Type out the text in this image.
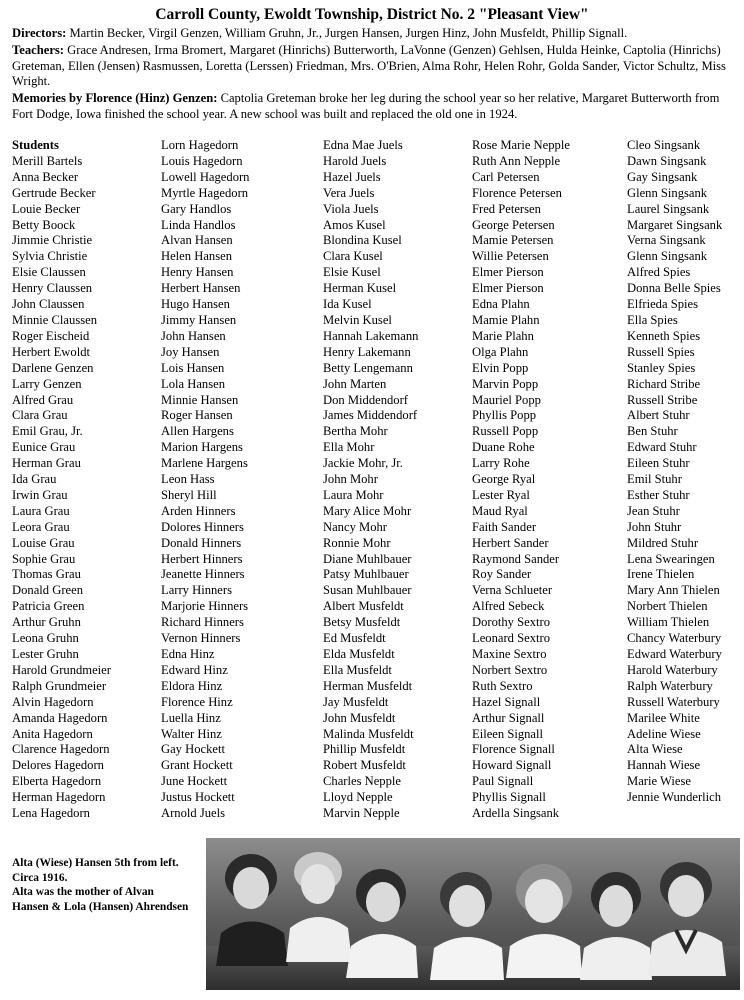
Carroll County, Ewoldt Township, District No. 2 "Pleasant View"

Directors: Martin Becker, Virgil Genzen, William Gruhn, Jr., Jurgen Hansen, Jurgen Hinz, John Musfeldt, Phillip Signall.

Teachers: Grace Andresen, Irma Bromert, Margaret (Hinrichs) Butterworth, LaVonne (Genzen) Gehlsen, Hulda Heinke, Captolia (Hinrichs) Greteman, Ellen (Jensen) Rasmussen, Loretta (Lerssen) Friedman, Mrs. O'Brien, Alma Rohr, Helen Rohr, Golda Sander, Victor Schultz, Miss Wright.

Memories by Florence (Hinz) Genzen: Captolia Greteman broke her leg during the school year so her relative, Margaret Butterworth from Fort Dodge, Iowa finished the school year. A new school was built and replaced the old one in 1924.

Students
Merill Bartels
Anna Becker
Gertrude Becker
Louie Becker
Betty Boock
Jimmie Christie
Sylvia Christie
Elsie Claussen
Henry Claussen
John Claussen
Minnie Claussen
Roger Eischeid
Herbert Ewoldt
Darlene Genzen
Larry Genzen
Alfred Grau
Clara Grau
Emil Grau, Jr.
Eunice Grau
Herman Grau
Ida Grau
Irwin Grau
Laura Grau
Leora Grau
Louise Grau
Sophie Grau
Thomas Grau
Donald Green
Patricia Green
Arthur Gruhn
Leona Gruhn
Lester Gruhn
Harold Grundmeier
Ralph Grundmeier
Alvin Hagedorn
Amanda Hagedorn
Anita Hagedorn
Clarence Hagedorn
Delores Hagedorn
Elberta Hagedorn
Herman Hagedorn
Lena Hagedorn
Lorn Hagedorn
Louis Hagedorn
Lowell Hagedorn
Myrtle Hagedorn
Gary Handlos
Linda Handlos
Alvan Hansen
Helen Hansen
Henry Hansen
Herbert Hansen
Hugo Hansen
Jimmy Hansen
John Hansen
Joy Hansen
Lois Hansen
Lola Hansen
Minnie Hansen
Roger Hansen
Allen Hargens
Marion Hargens
Marlene Hargens
Leon Hass
Sheryl Hill
Arden Hinners
Dolores Hinners
Donald Hinners
Herbert Hinners
Jeanette Hinners
Larry Hinners
Marjorie Hinners
Richard Hinners
Vernon Hinners
Edna Hinz
Edward Hinz
Eldora Hinz
Florence Hinz
Luella Hinz
Walter Hinz
Gay Hockett
Grant Hockett
June Hockett
Justus Hockett
Arnold Juels
Edna Mae Juels
Harold Juels
Hazel Juels
Vera Juels
Viola Juels
Amos Kusel
Blondina Kusel
Clara Kusel
Elsie Kusel
Herman Kusel
Ida Kusel
Melvin Kusel
Hannah Lakemann
Henry Lakemann
Betty Lengemann
John Marten
Don Middendorf
James Middendorf
Bertha Mohr
Ella Mohr
Jackie Mohr, Jr.
John Mohr
Laura Mohr
Mary Alice Mohr
Nancy Mohr
Ronnie Mohr
Diane Muhlbauer
Patsy Muhlbauer
Susan Muhlbauer
Albert Musfeldt
Betsy Musfeldt
Ed Musfeldt
Elda Musfeldt
Ella Musfeldt
Herman Musfeldt
Jay Musfeldt
John Musfeldt
Malinda Musfeldt
Phillip Musfeldt
Robert Musfeldt
Charles Nepple
Lloyd Nepple
Marvin Nepple
Rose Marie Nepple
Ruth Ann Nepple
Carl Petersen
Florence Petersen
Fred Petersen
George Petersen
Mamie Petersen
Willie Petersen
Elmer Pierson
Elmer Pierson
Edna Plahn
Mamie Plahn
Marie Plahn
Olga Plahn
Elvin Popp
Marvin Popp
Mauriel Popp
Phyllis Popp
Russell Popp
Duane Rohe
Larry Rohe
George Ryal
Lester Ryal
Maud Ryal
Faith Sander
Herbert Sander
Raymond Sander
Roy Sander
Verna Schlueter
Alfred Sebeck
Dorothy Sextro
Leonard Sextro
Maxine Sextro
Norbert Sextro
Ruth Sextro
Hazel Signall
Arthur Signall
Eileen Signall
Florence Signall
Howard Signall
Paul Signall
Phyllis Signall
Ardella Singsank
Cleo Singsank
Dawn Singsank
Gay Singsank
Glenn Singsank
Laurel Singsank
Margaret Singsank
Verna Singsank
Glenn Singsank
Alfred Spies
Donna Belle Spies
Elfrieda Spies
Ella Spies
Kenneth Spies
Russell Spies
Stanley Spies
Richard Stribe
Russell Stribe
Albert Stuhr
Ben Stuhr
Edward Stuhr
Eileen Stuhr
Emil Stuhr
Esther Stuhr
Jean Stuhr
John Stuhr
Mildred Stuhr
Lena Swearingen
Irene Thielen
Mary Ann Thielen
Norbert Thielen
William Thielen
Chancy Waterbury
Edward Waterbury
Harold Waterbury
Ralph Waterbury
Russell Waterbury
Marilee White
Adeline Wiese
Alta Wiese
Hannah Wiese
Marie Wiese
Jennie Wunderlich
Alta (Wiese) Hansen 5th from left. Circa 1916.
Alta was the mother of Alvan Hansen & Lola (Hansen) Ahrendsen
